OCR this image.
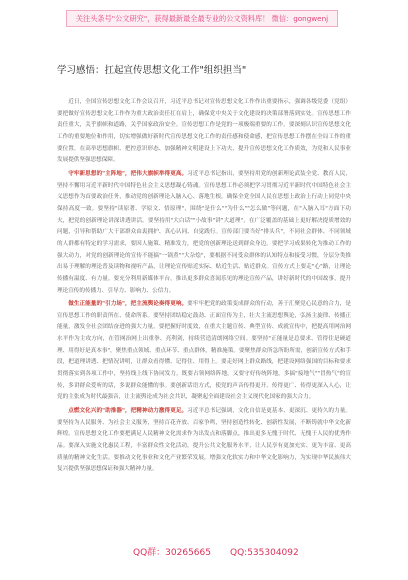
关注头条号"公文研究"，获得最新最全最专业的公文资料库！ 微信：gongwenj
学习感悟：扛起宣传思想文化工作"组织担当"

近日，全国宣传思想文化工作会议召开，习近平总书记对宣传思想文化工作作出重要指示，强调各级党委（党组）要把做好宣传思想文化工作作为重大政治责任扛在肩上，确保党中央关于文化建设的决策部署落到实处。宣传思想工作责任重大，关乎旗帜和道路，关乎国家政治安全。宣传思想工作是党的一项极端重要的工作。要深刻认识宣传思想文化工作的重要地位和作用，切实增强做好新时代宣传思想文化工作的责任感和使命感，把宣传思想工作摆在全局工作的重要位置，在高举思想旗帜、把控意识形态、加强精神文明建设上下功夫，提升宣传思想文化工作质效，为党和人民事业发展提供坚强思想保障。

守牢新思想的"主阵地"，把伟大旗帜举得更高。习近平总书记指出，要坚持用党的创新理论武装全党、教育人民，坚持不懈用习近平新时代中国特色社会主义思想凝心铸魂。宣传思想工作必须把学习贯彻习近平新时代中国特色社会主义思想作为首要政治任务，推动党的创新理论入脑入心、落地生根，确保全党全国人民在思想上政治上行动上同党中央保持高度一致。要坚持"读原著、学原文、悟原理"，围绕"是什么""为什么""怎么做"等问题，在"入脑入耳"方面下功夫，把党的创新理论讲深讲透讲活。要坚持用"大白话""小故事"讲"大道理"，在广泛覆盖的基础上更好解决提质增效的问题，引导和帮助广大干部群众由衷拥护、真心认同、自觉践行。宣传部门要当好"排头兵"，不同社会群体、不同领域的人群都有特定的学习需求，要因人施策、精准发力，把党的创新理论送到群众身边。要把学习成果转化为推动工作的强大动力，对党的创新理论的宣传不能搞"一锅煮""大杂烩"，要根据不同受众群体的认知特点和接受习惯，分层分类推出易于理解的理论普及读物和视听产品，让理论宣传贴近实际、贴近生活、贴近群众。宣传方式上要走"心"路，让理论传播有温度、有力量。要充分利用新媒体平台，推出更多群众喜闻乐见的理论宣传产品，讲好新时代的中国故事，提升理论宣传的传播力、引导力、影响力、公信力。

做生正能量的"引力场"，把主流舆论奏得更响。要牢牢把党的政策变成群众的行动，善于汇聚党心民意的合力，是宣传思想工作的职责所在、使命所系。要坚持团结稳定鼓劲、正面宣传为主，壮大主流思想舆论，弘扬主旋律、传播正能量，激发全社会团结奋进的强大力量。要把握好时度效，在重大主题宣传、典型宣传、成就宣传中，把提高用网治网水平作为主攻方向，在管网治网上出重拳、亮利剑，持续营造清朗网络空间。要坚持"正能量是总要求、管得住是硬道理、用得好是真本事"，聚焦重点领域、重点环节、重点群体，精准施策。要聚焦群众所急所盼所需，创新宣传方式和手段，把道理讲透、把情况讲明，让群众看得懂、记得住、用得上。要走好网上群众路线，把建设网络强国的目标和要求贯彻落实到各项工作中，坚持线上线下协同发力，既要占领网络阵地，又要守好传统阵地，多搞"接地气""冒热气"的宣传，多讲群众爱听的话，多说群众能懂的事。要创新话语方式，使党的声音传得更开、传得更广、传得更深入人心，让党的主张成为时代最强音，让主流舆论成为社会共识，凝聚起全面建设社会主义现代化国家的强大合力。

点燃文化兴的"助推器"，把精神动力激得更足。习近平总书记强调，文化自信是更基本、更深沉、更持久的力量。要坚持为人民服务、为社会主义服务，坚持百花齐放、百家争鸣，坚持创造性转化、创新性发展，不断铸就中华文化新辉煌。宣传思想文化工作要把满足人民精神文化需求作为出发点和落脚点，推出更多无愧于时代、无愧于人民的优秀作品。要深入实施文化惠民工程，丰富群众性文化活动，提升公共文化服务水平，让人民享有更加充实、更为丰富、更高质量的精神文化生活。要推动文化事业和文化产业繁荣发展，增强文化软实力和中华文化影响力，为实现中华民族伟大复兴提供坚强思想保证和强大精神力量。

QQ群：30265665 QQ:535304092
